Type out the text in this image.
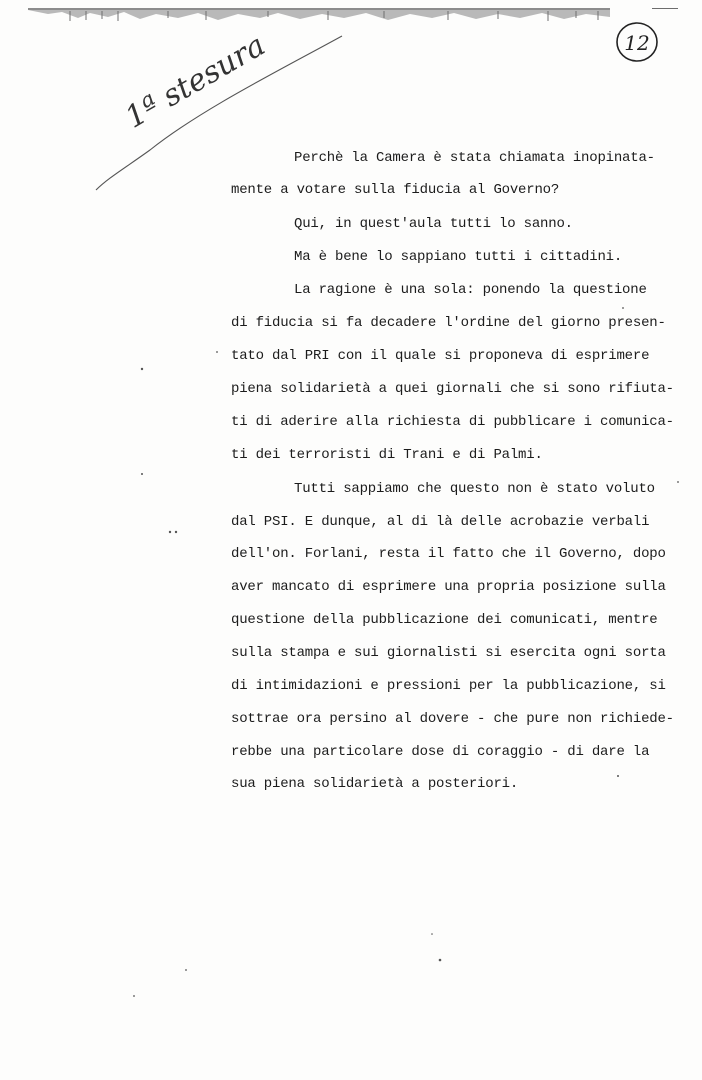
12
1ª stesura
Perchè la Camera è stata chiamata inopinata-
mente a votare sulla fiducia al Governo?
Qui, in quest'aula tutti lo sanno.
Ma è bene lo sappiano tutti i cittadini.
La ragione è una sola: ponendo la questione
di fiducia si fa decadere l'ordine del giorno presen-
tato dal PRI con il quale si proponeva di esprimere
piena solidarietà a quei giornali che si sono rifiuta-
ti di aderire alla richiesta di pubblicare i comunica-
ti dei terroristi di Trani e di Palmi.
Tutti sappiamo che questo non è stato voluto
dal PSI. E dunque, al di là delle acrobazie verbali
dell'on. Forlani, resta il fatto che il Governo, dopo
aver mancato di esprimere una propria posizione sulla
questione della pubblicazione dei comunicati, mentre
sulla stampa e sui giornalisti si esercita ogni sorta
di intimidazioni e pressioni per la pubblicazione, si
sottrae ora persino al dovere - che pure non richiede-
rebbe una particolare dose di coraggio - di dare la
sua piena solidarietà a posteriori.
